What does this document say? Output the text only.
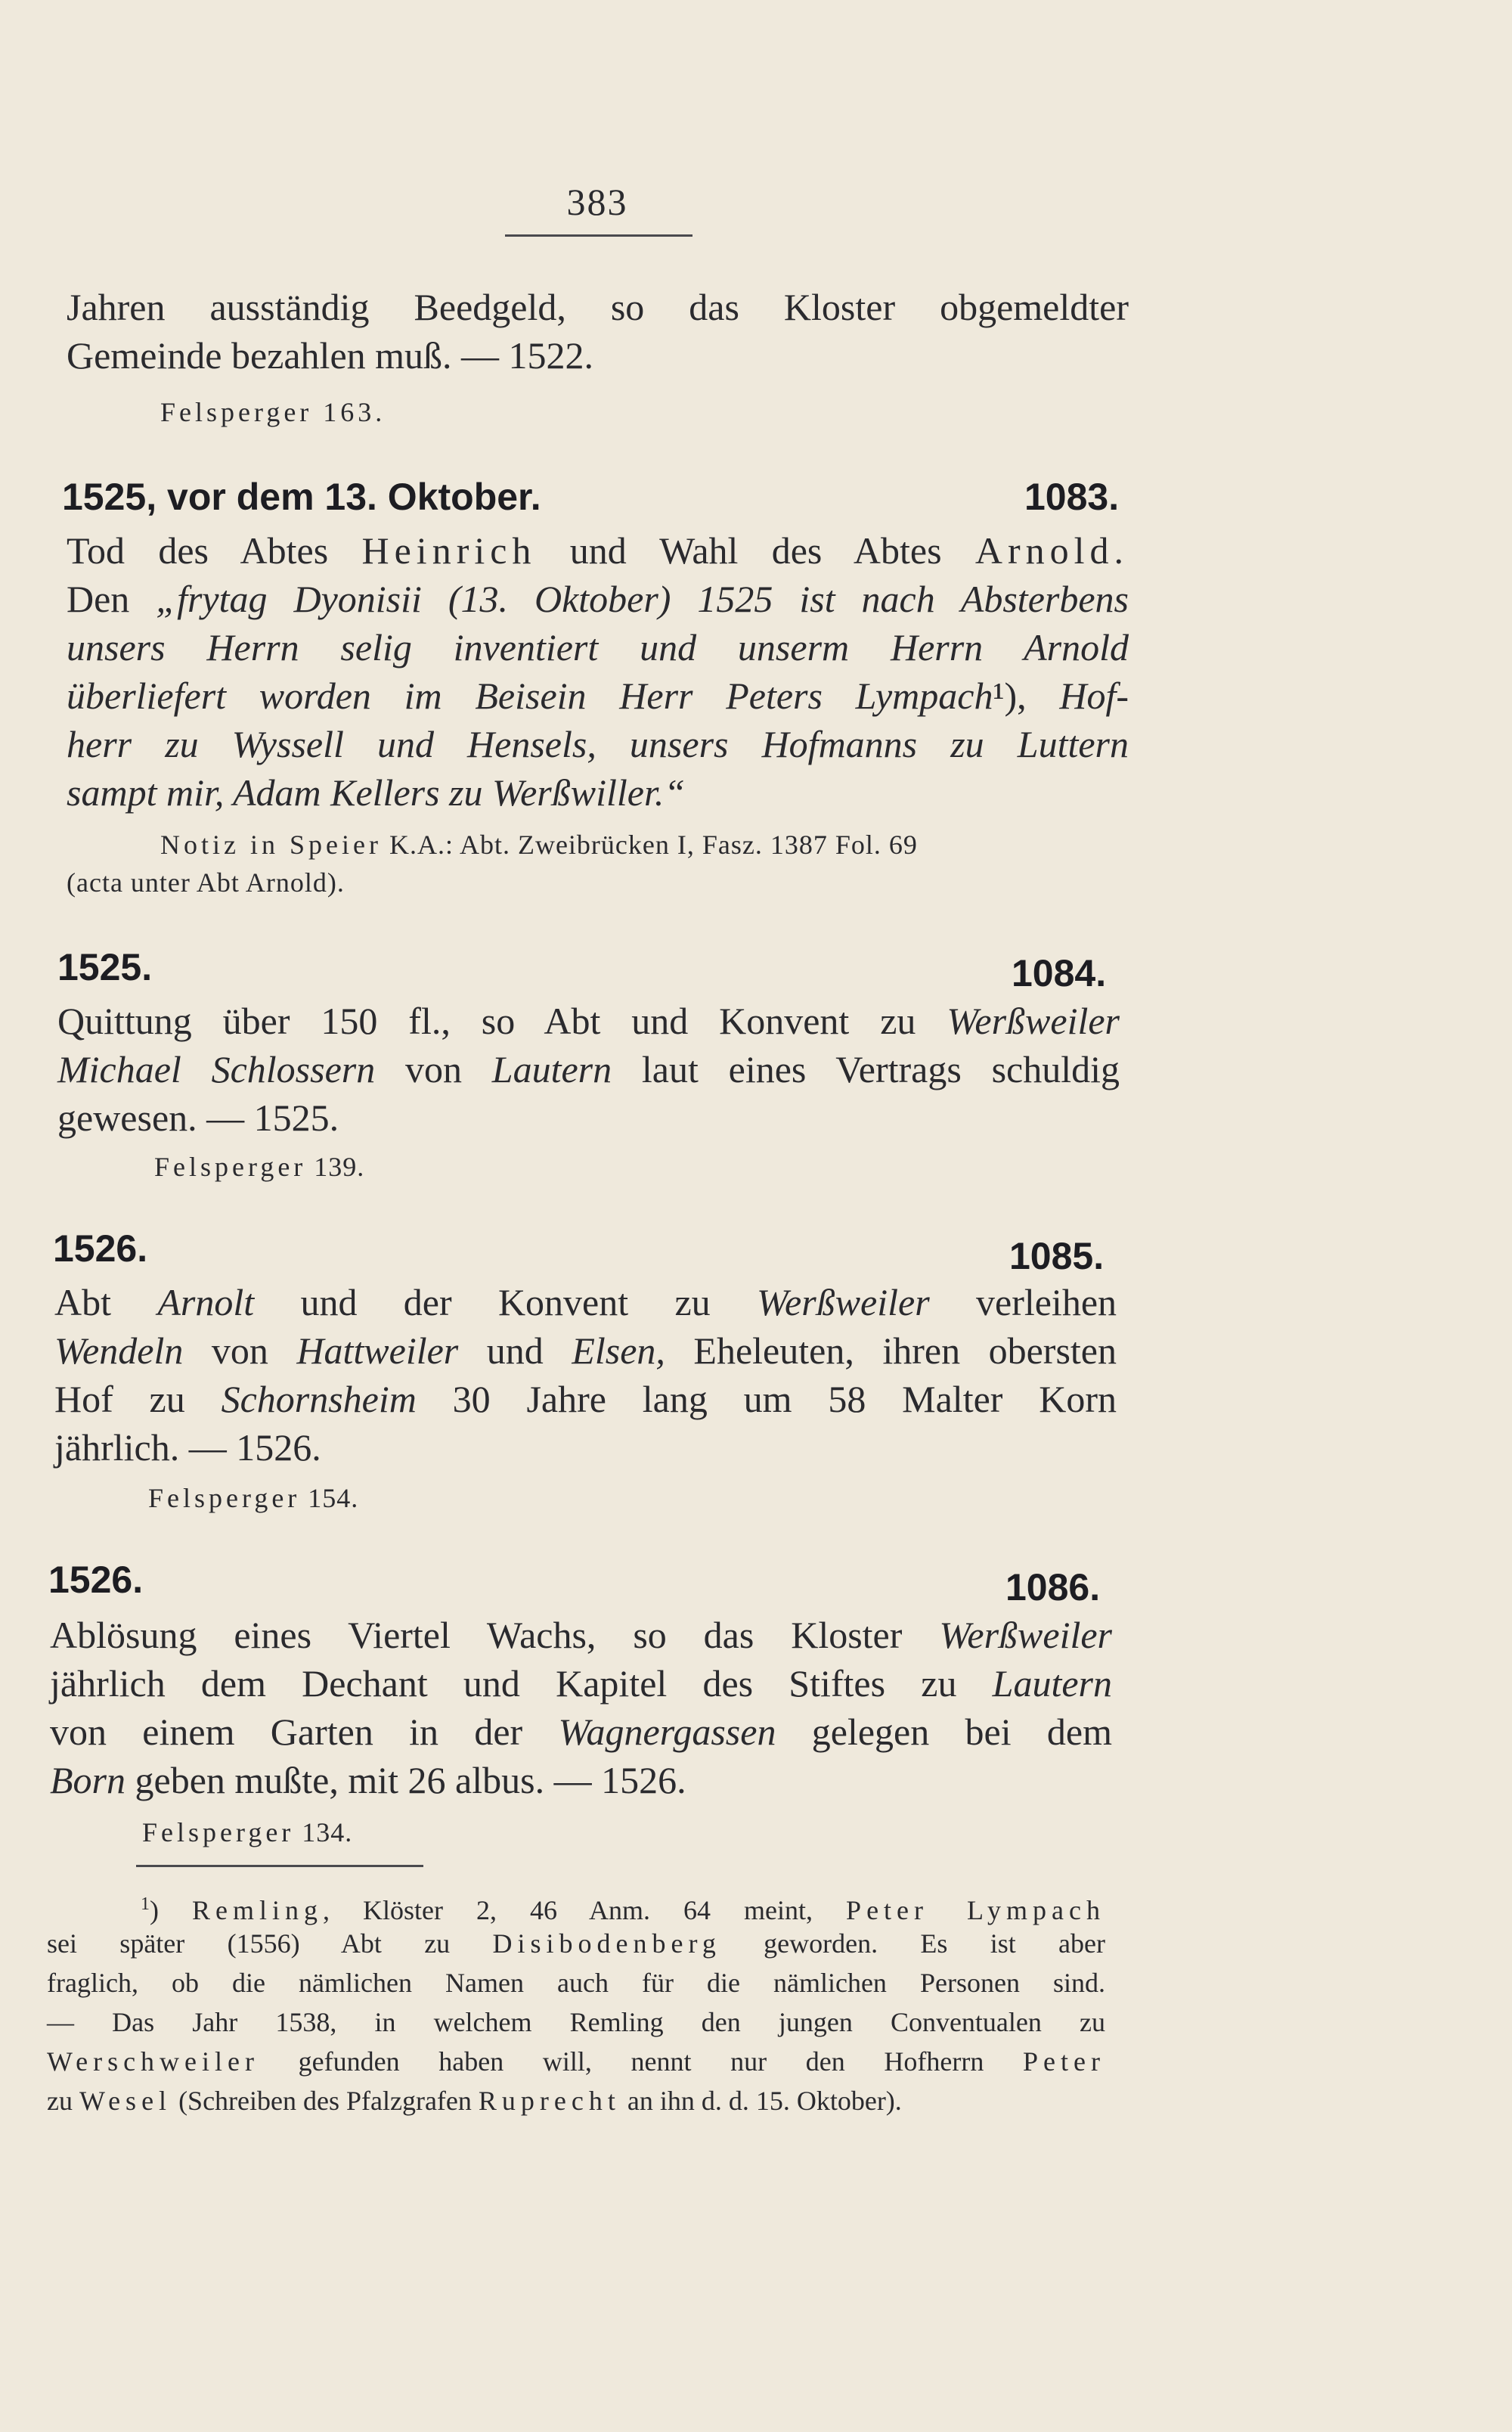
383
Jahren ausständig Beedgeld, so das Kloster obgemeldter
Gemeinde bezahlen muß. — 1522.
Felsperger 163.
1525, vor dem 13. Oktober.	1083.
Tod des Abtes Heinrich und Wahl des Abtes Arnold.
Den „frytag Dyonisii (13. Oktober) 1525 ist nach Absterbens
unsers Herrn selig inventiert und unserm Herrn Arnold
überliefert worden im Beisein Herr Peters Lympach¹), Hof-
herr zu Wyssell und Hensels, unsers Hofmanns zu Luttern
sampt mir, Adam Kellers zu Werßwiller.“
Notiz in Speier K.A.: Abt. Zweibrücken I, Fasz. 1387 Fol. 69
(acta unter Abt Arnold).
1525.	1084.
Quittung über 150 fl., so Abt und Konvent zu Werßweiler
Michael Schlossern von Lautern laut eines Vertrags schuldig
gewesen. — 1525.
Felsperger 139.
1526.	1085.
Abt Arnolt und der Konvent zu Werßweiler verleihen
Wendeln von Hattweiler und Elsen, Eheleuten, ihren obersten
Hof zu Schornsheim 30 Jahre lang um 58 Malter Korn
jährlich. — 1526.
Felsperger 154.
1526.	1086.
Ablösung eines Viertel Wachs, so das Kloster Werßweiler
jährlich dem Dechant und Kapitel des Stiftes zu Lautern
von einem Garten in der Wagnergassen gelegen bei dem
Born geben mußte, mit 26 albus. — 1526.
Felsperger 134.
$^1$) Remling, Klöster 2, 46 Anm. 64 meint, Peter Lympach
sei später (1556) Abt zu Disibodenberg geworden. Es ist aber
fraglich, ob die nämlichen Namen auch für die nämlichen Personen sind.
— Das Jahr 1538, in welchem Remling den jungen Conventualen zu
Werschweiler gefunden haben will, nennt nur den Hofherrn Peter
zu Wesel (Schreiben des Pfalzgrafen Ruprecht an ihn d. d. 15. Oktober).
